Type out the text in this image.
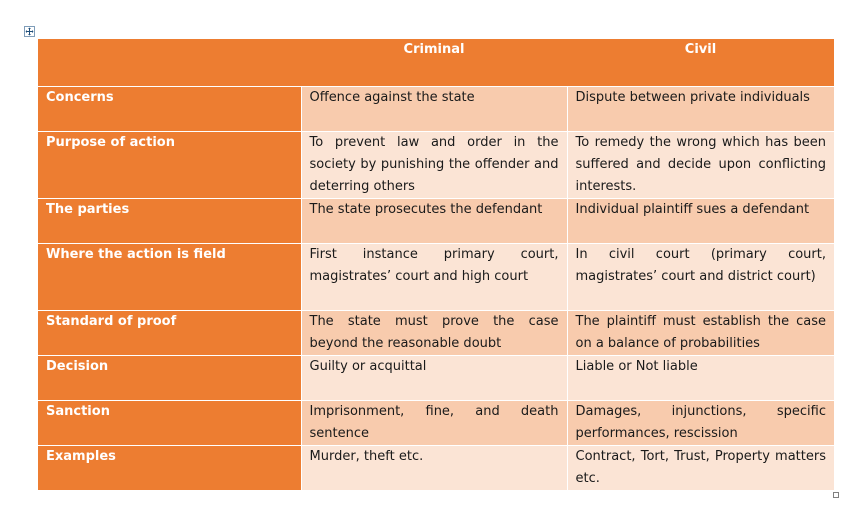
	Criminal	Civil
Concerns	Offence against the state	Dispute between private individuals
Purpose of action	To prevent law and order in the society by punishing the offender and deterring others	To remedy the wrong which has been suffered and decide upon conflicting interests.
The parties	The state prosecutes the defendant	Individual plaintiff sues a defendant
Where the action is field	First instance primary court, magistrates’ court and high court	In civil court (primary court, magistrates’ court and district court)
Standard of proof	The state must prove the case beyond the reasonable doubt	The plaintiff must establish the case on a balance of probabilities
Decision	Guilty or acquittal	Liable or Not liable
Sanction	Imprisonment, fine, and death sentence	Damages, injunctions, specific performances, rescission
Examples	Murder, theft etc.	Contract, Tort, Trust, Property matters etc.
